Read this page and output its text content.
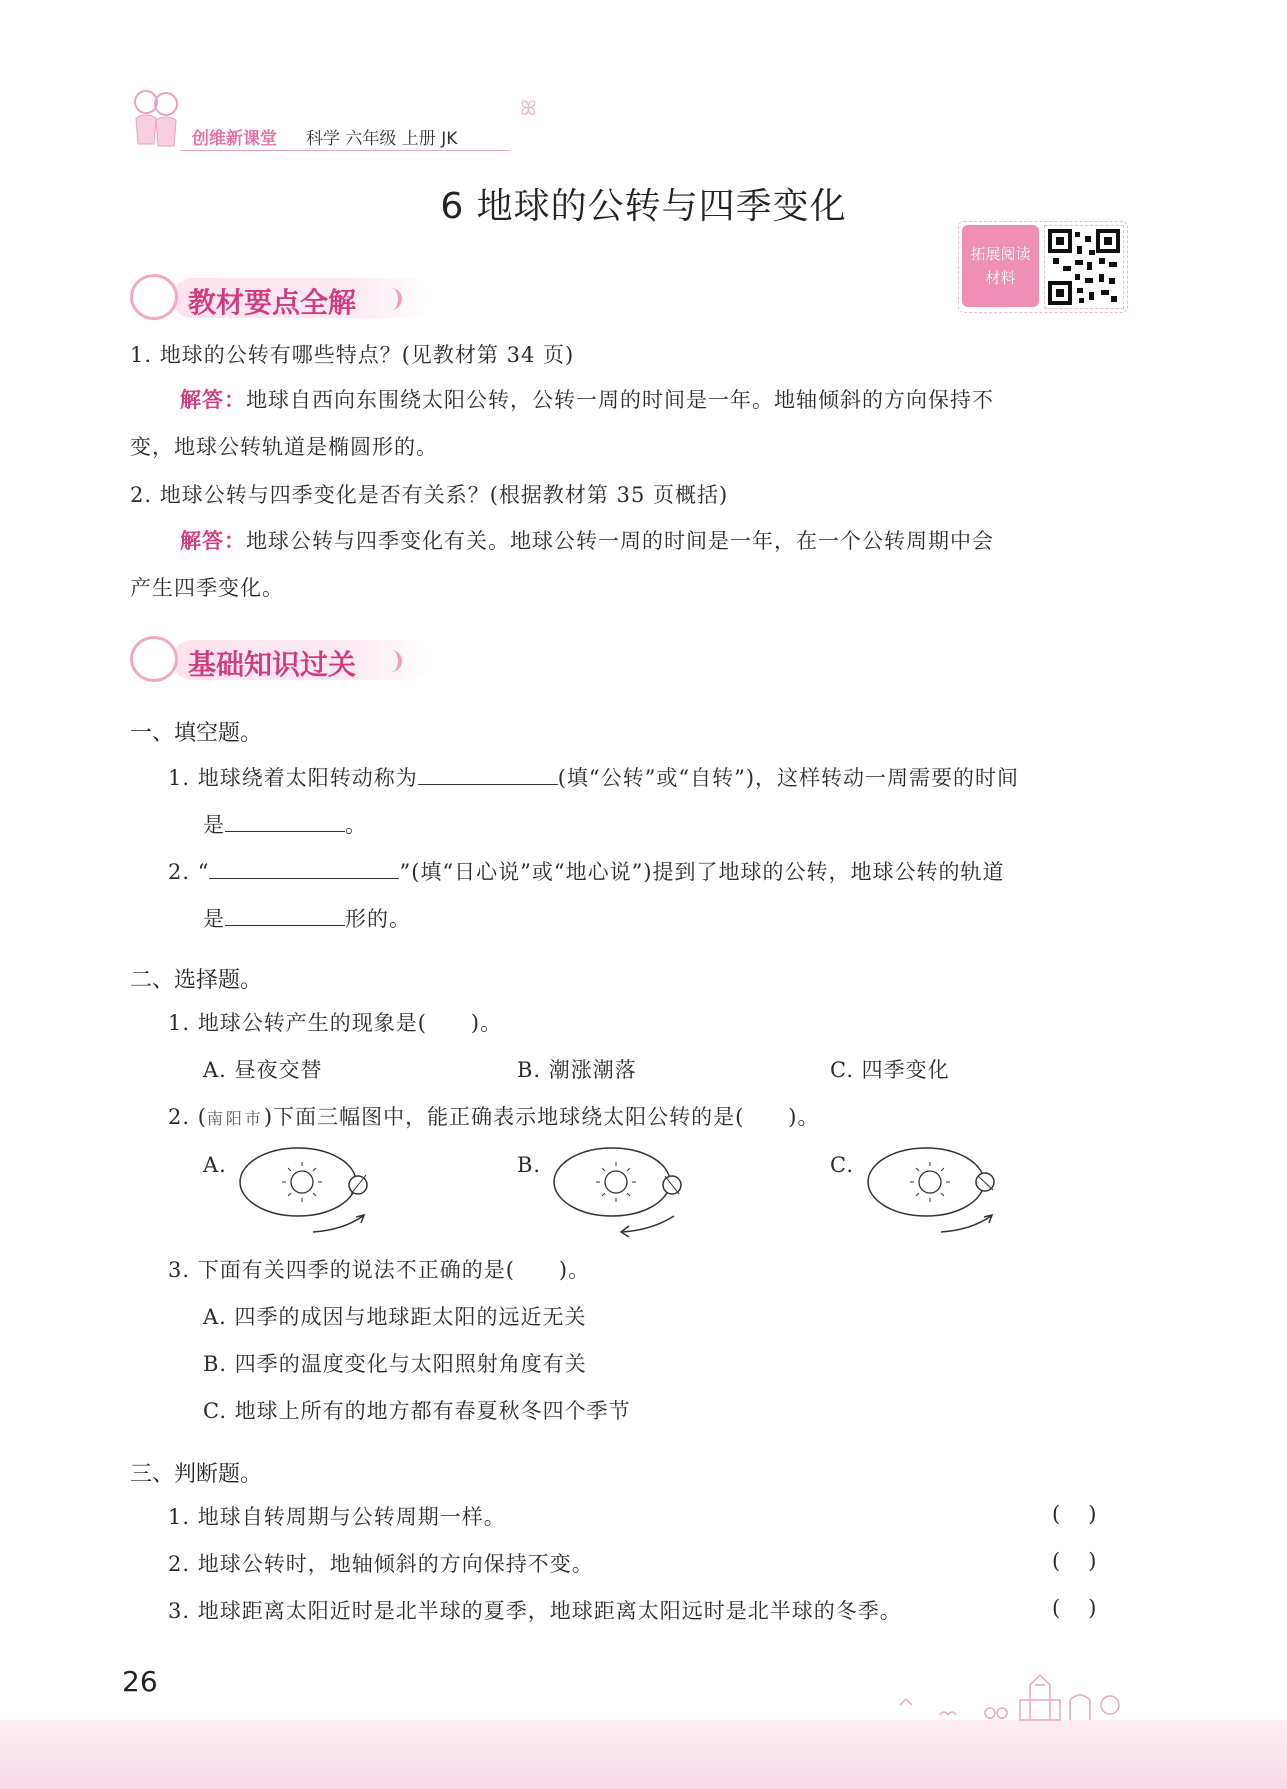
创维新课堂 科学 六年级 上册 JK
ꕤ
6 地球的公转与四季变化
拓展阅读
材料
教材要点全解
1. 地球的公转有哪些特点？(见教材第 34 页)
解答：地球自西向东围绕太阳公转，公转一周的时间是一年。地轴倾斜的方向保持不
变，地球公转轨道是椭圆形的。
2. 地球公转与四季变化是否有关系？(根据教材第 35 页概括)
解答：地球公转与四季变化有关。地球公转一周的时间是一年，在一个公转周期中会
产生四季变化。
基础知识过关
一、填空题。
1. 地球绕着太阳转动称为	(填“公转”或“自转”)，这样转动一周需要的时间
是	。
2. “	”(填“日心说”或“地心说”)提到了地球的公转，地球公转的轨道
是	形的。
二、选择题。
1. 地球公转产生的现象是(　　)。
A. 昼夜交替	B. 潮涨潮落	C. 四季变化
2. (南阳市)下面三幅图中，能正确表示地球绕太阳公转的是(　　)。
A.	B.	C.
3. 下面有关四季的说法不正确的是(　　)。
A. 四季的成因与地球距太阳的远近无关
B. 四季的温度变化与太阳照射角度有关
C. 地球上所有的地方都有春夏秋冬四个季节
三、判断题。
1. 地球自转周期与公转周期一样。	()
2. 地球公转时，地轴倾斜的方向保持不变。	()
3. 地球距离太阳近时是北半球的夏季，地球距离太阳远时是北半球的冬季。	()
26
